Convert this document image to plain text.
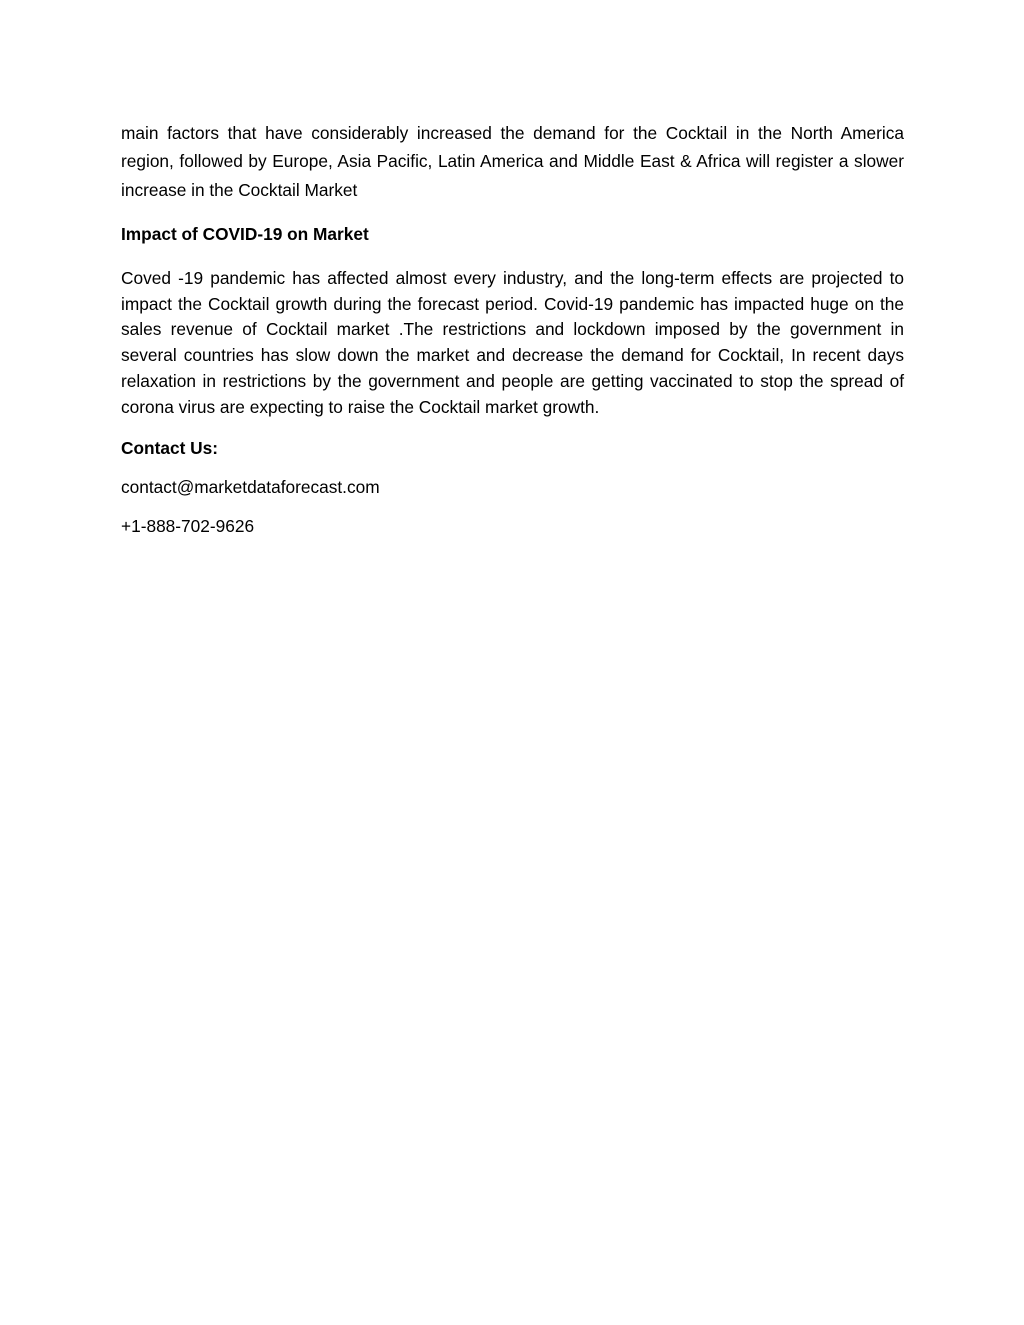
main factors that have considerably increased the demand for the Cocktail in the North America region, followed by Europe, Asia Pacific, Latin America and Middle East & Africa will register a slower increase in the Cocktail Market

Impact of COVID-19 on Market

Coved -19 pandemic has affected almost every industry, and the long-term effects are projected to impact the Cocktail growth during the forecast period. Covid-19 pandemic has impacted huge on the sales revenue of Cocktail market .The restrictions and lockdown imposed by the government in several countries has slow down the market and decrease the demand for Cocktail, In recent days relaxation in restrictions by the government and people are getting vaccinated to stop the spread of corona virus are expecting to raise the Cocktail market growth.

Contact Us:

contact@marketdataforecast.com

+1-888-702-9626
